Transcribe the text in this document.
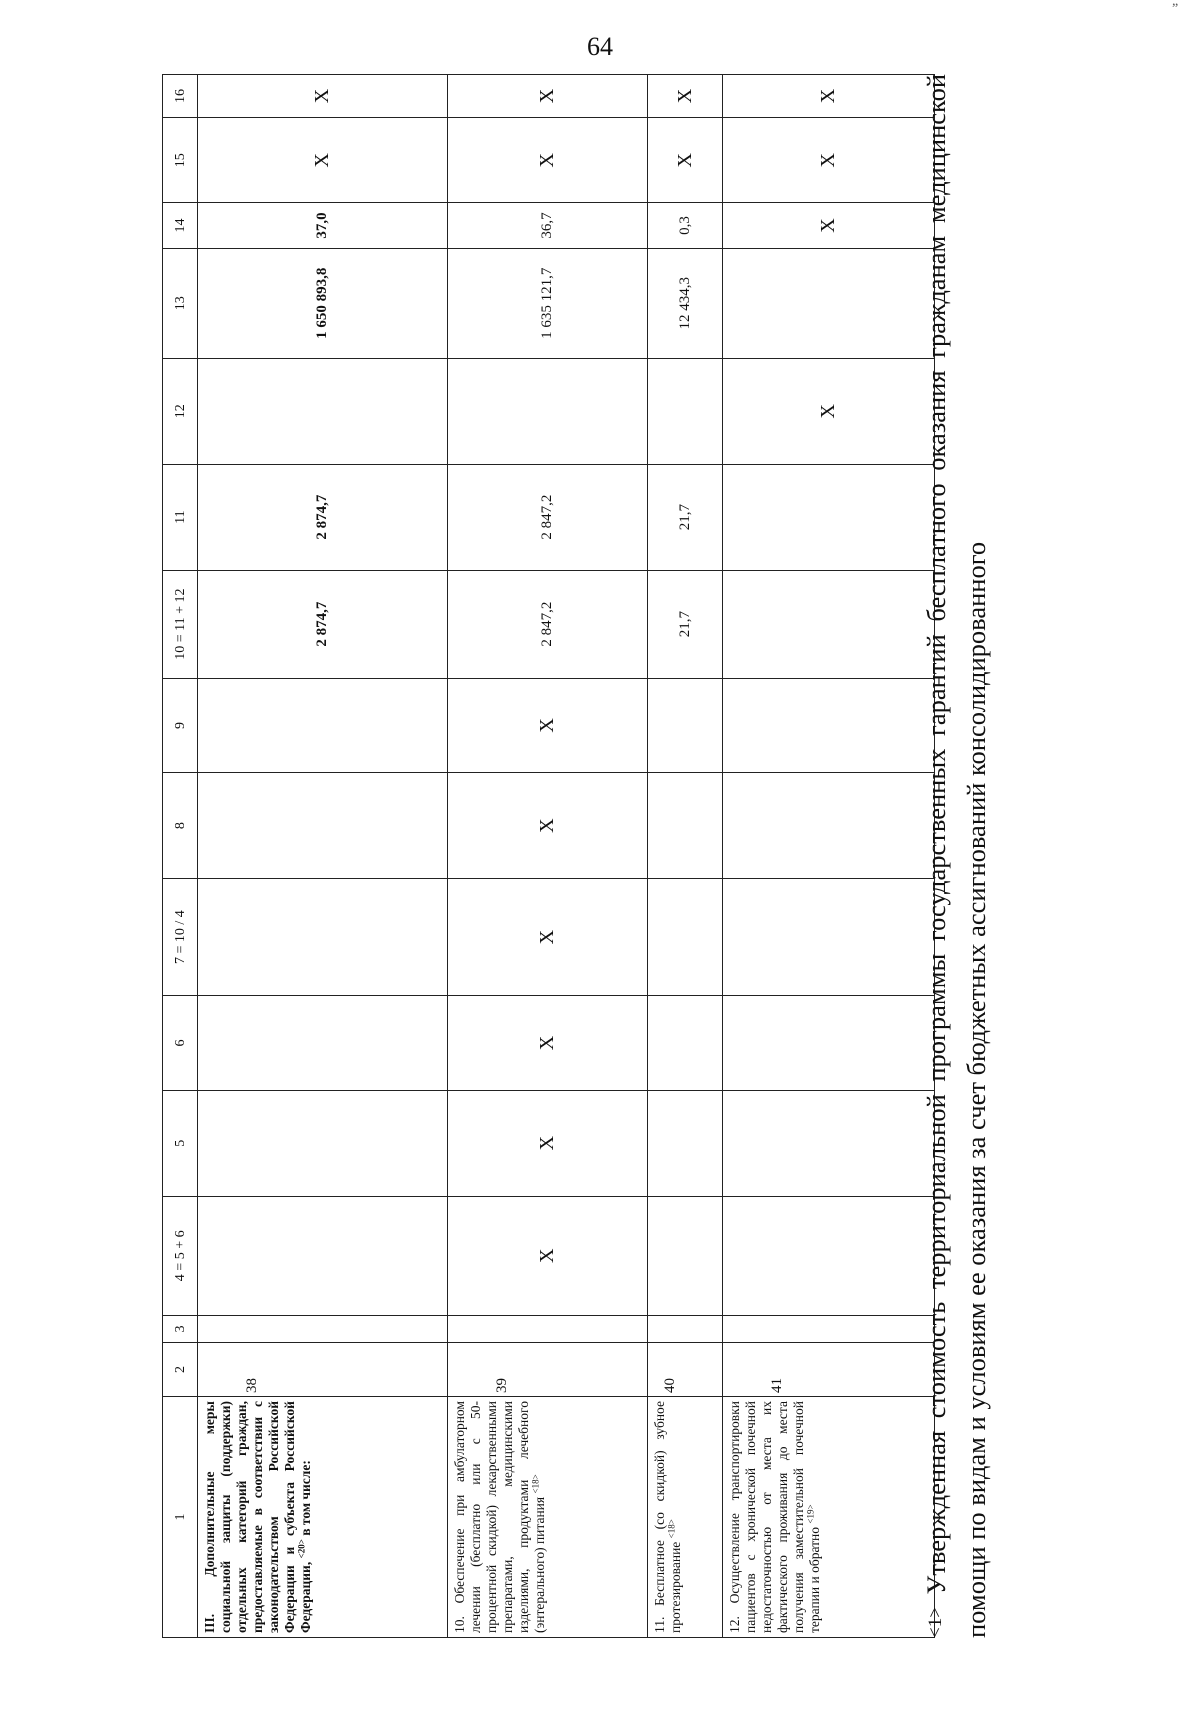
64
„
1	2	3	4 = 5 + 6	5	6	7 = 10 / 4	8	9	10 = 11 + 12	11	12	13	14	15	16
III. Дополнительные меры социальной защиты (поддержки) отдельных категорий граждан, предоставляемые в соответствии с законодательством Российской Федерации и субъекта Российской Федерации, $^{<20>}$ в том числе:	38								2 874,7	2 874,7		1 650 893,8	37,0	X	X
10. Обеспечение при амбулаторном лечении (бесплатно или с 50-процентной скидкой) лекарственными препаратами, медицинскими изделиями, продуктами лечебного (энтерального) питания $^{<18>}$	39		X	X	X	X	X	X	2 847,2	2 847,2		1 635 121,7	36,7	X	X
11. Бесплатное (со скидкой) зубное протезирование $^{<18>}$	40								21,7	21,7		12 434,3	0,3	X	X
12. Осуществление транспортировки пациентов с хронической почечной недостаточностью от места их фактического проживания до места получения заместительной почечной терапии и обратно $^{<19>}$	41										X		X	X	X
$^{<1>}$ Утвержденная стоимость территориальной программы государственных гарантий бесплатного оказания гражданам медицинской помощи по видам и условиям ее оказания за счет бюджетных ассигнований консолидированного
